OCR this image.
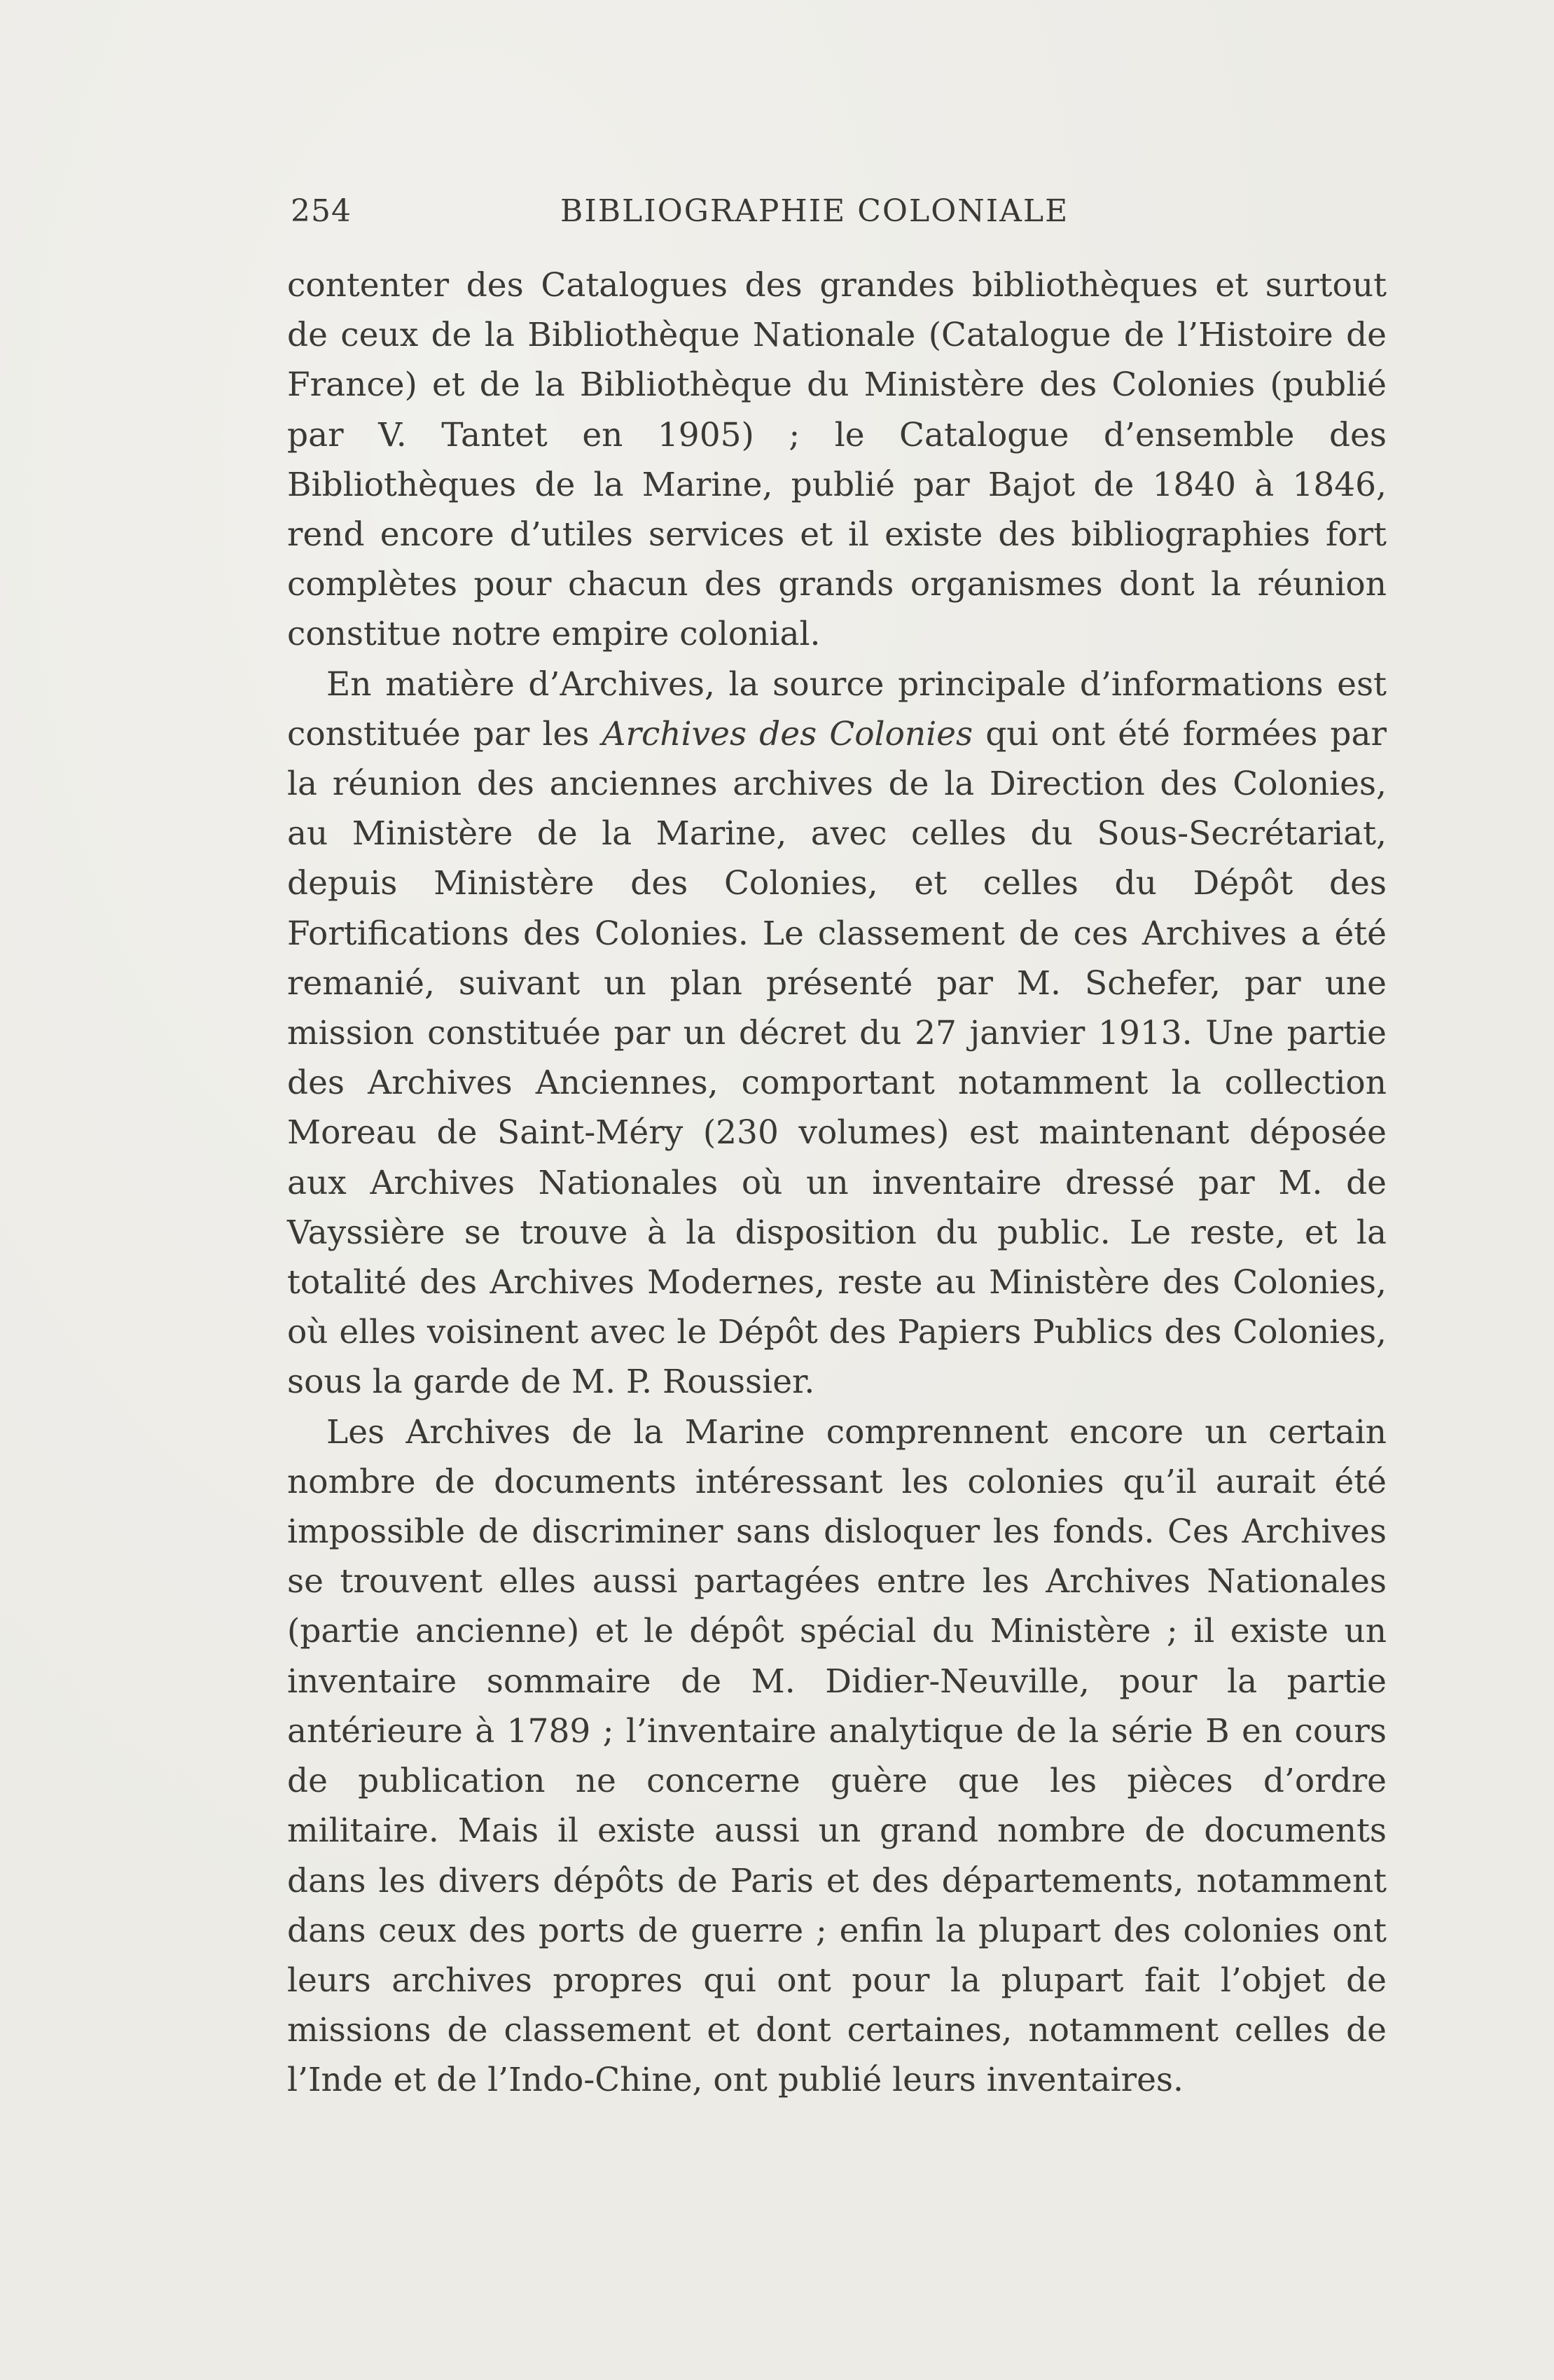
254	BIBLIOGRAPHIE COLONIALE

contenter des Catalogues des grandes bibliothèques et surtout de ceux de la Bibliothèque Nationale (Catalogue de l’Histoire de France) et de la Bibliothèque du Ministère des Colonies (publié par V. Tantet en 1905) ; le Catalogue d’ensemble des Bibliothèques de la Marine, publié par Bajot de 1840 à 1846, rend encore d’utiles services et il existe des bibliographies fort complètes pour chacun des grands organismes dont la réunion constitue notre empire colonial.

En matière d’Archives, la source principale d’informations est constituée par les Archives des Colonies qui ont été formées par la réunion des anciennes archives de la Direction des Colonies, au Ministère de la Marine, avec celles du Sous-Secrétariat, depuis Ministère des Colonies, et celles du Dépôt des Fortifications des Colonies. Le classement de ces Archives a été remanié, suivant un plan présenté par M. Schefer, par une mission constituée par un décret du 27 janvier 1913. Une partie des Archives Anciennes, comportant notamment la collection Moreau de Saint-Méry (230 volumes) est maintenant déposée aux Archives Nationales où un inventaire dressé par M. de Vayssière se trouve à la disposition du public. Le reste, et la totalité des Archives Modernes, reste au Ministère des Colonies, où elles voisinent avec le Dépôt des Papiers Publics des Colonies, sous la garde de M. P. Roussier.

Les Archives de la Marine comprennent encore un certain nombre de documents intéressant les colonies qu’il aurait été impossible de discriminer sans disloquer les fonds. Ces Archives se trouvent elles aussi partagées entre les Archives Nationales (partie ancienne) et le dépôt spécial du Ministère ; il existe un inventaire sommaire de M. Didier-Neuville, pour la partie antérieure à 1789 ; l’inventaire analytique de la série B en cours de publication ne concerne guère que les pièces d’ordre militaire. Mais il existe aussi un grand nombre de documents dans les divers dépôts de Paris et des départements, notamment dans ceux des ports de guerre ; enfin la plupart des colonies ont leurs archives propres qui ont pour la plupart fait l’objet de missions de classement et dont certaines, notamment celles de l’Inde et de l’Indo-Chine, ont publié leurs inventaires.
